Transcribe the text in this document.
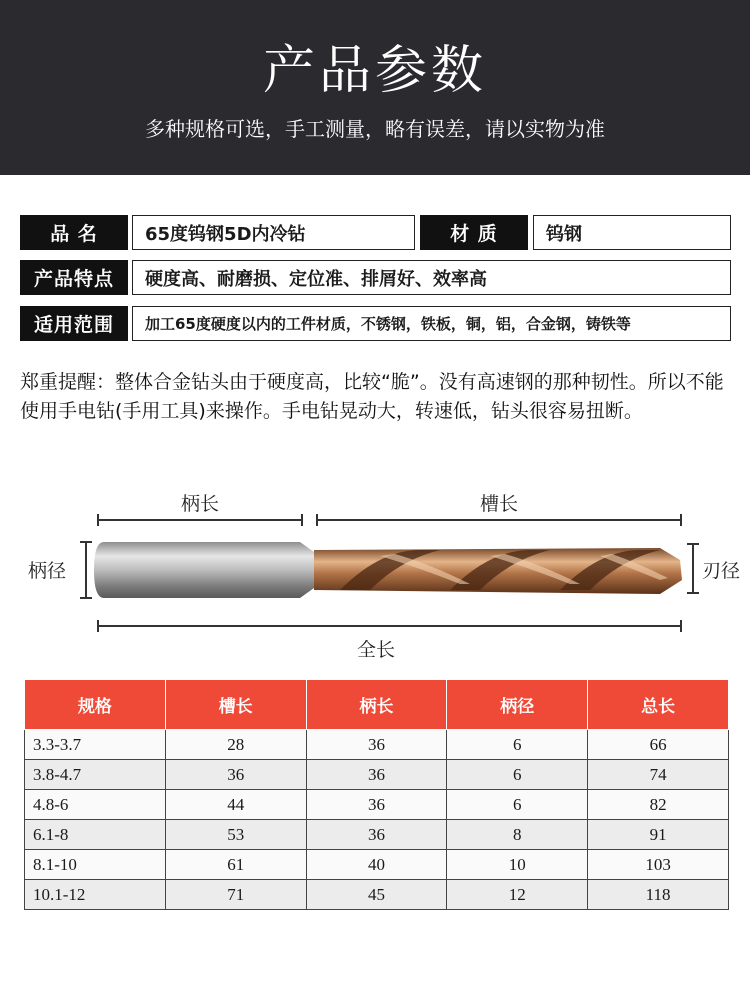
产品参数
多种规格可选，手工测量，略有误差，请以实物为准
品 名	65度钨钢5D内冷钻	材 质	钨钢
产品特点	硬度高、耐磨损、定位准、排屑好、效率高
适用范围	加工65度硬度以内的工件材质，不锈钢，铁板，铜，铝，合金钢，铸铁等
郑重提醒：整体合金钻头由于硬度高，比较“脆”。没有高速钢的那种韧性。所以不能使用手电钻(手用工具)来操作。手电钻晃动大，转速低，钻头很容易扭断。
柄长	槽长
柄径	刃径
全长
规格	槽长	柄长	柄径	总长
3.3-3.7	28	36	6	66
3.8-4.7	36	36	6	74
4.8-6	44	36	6	82
6.1-8	53	36	8	91
8.1-10	61	40	10	103
10.1-12	71	45	12	118
